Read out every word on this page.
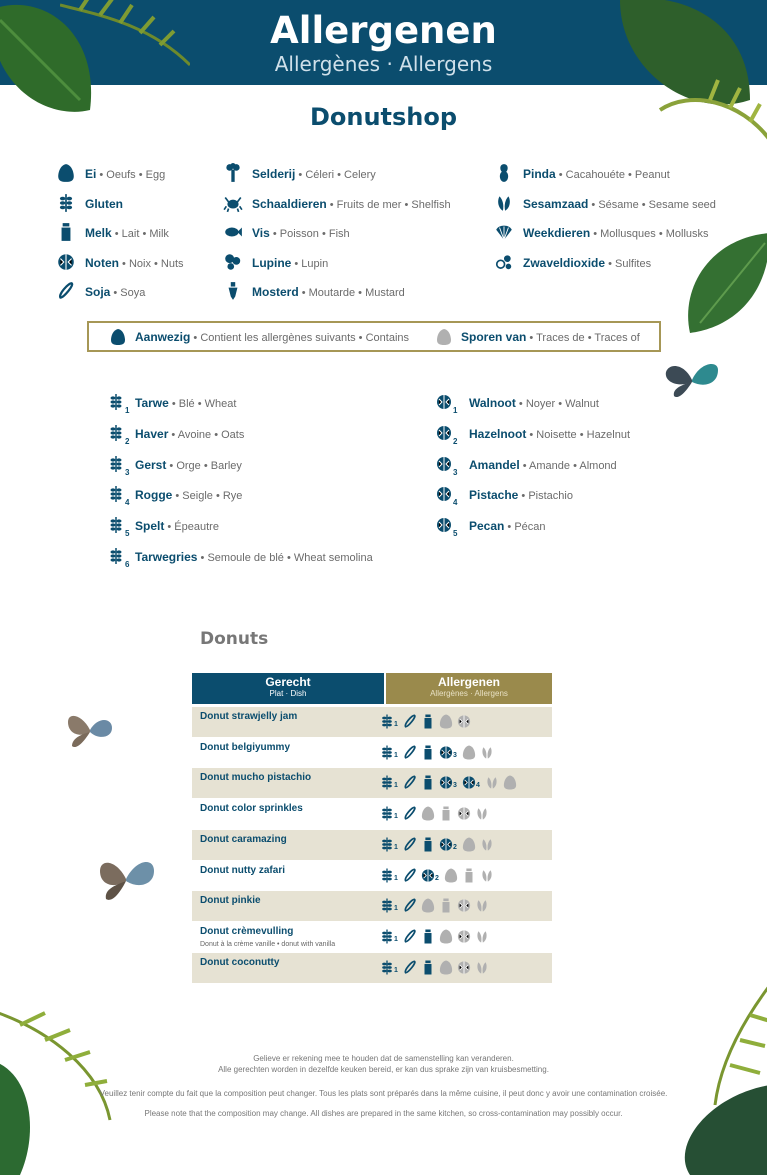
Allergenen
Allergènes · Allergens
Donutshop
Ei • Oeufs • Egg
Gluten
Melk • Lait • Milk
Noten • Noix • Nuts
Soja • Soya
Selderij • Céleri • Celery
Schaaldieren • Fruits de mer • Shelfish
Vis • Poisson • Fish
Lupine • Lupin
Mosterd • Moutarde • Mustard
Pinda • Cacahouéte • Peanut
Sesamzaad • Sésame • Sesame seed
Weekdieren • Mollusques • Mollusks
Zwaveldioxide • Sulfites
Aanwezig • Contient les allergènes suivants • Contains	Sporen van • Traces de • Traces of
1
Tarwe • Blé • Wheat
2
Haver • Avoine • Oats
3
Gerst • Orge • Barley
4
Rogge • Seigle • Rye
5
Spelt • Épeautre
6
Tarwegries • Semoule de blé • Wheat semolina
1
Walnoot • Noyer • Walnut
2
Hazelnoot • Noisette • Hazelnut
3
Amandel • Amande • Almond
4
Pistache • Pistachio
5
Pecan • Pécan
Donuts
Gerecht
Plat · Dish
Allergenen
Allergènes · Allergens
Donut strawjelly jam
1
Donut belgiyummy
1	3
Donut mucho pistachio
1	3	4
Donut color sprinkles
1
Donut caramazing
1	2
Donut nutty zafari
1	2
Donut pinkie
1
Donut crèmevulling
Donut à la crème vanille • donut with vanilla
1
Donut coconutty
1
Gelieve er rekening mee te houden dat de samenstelling kan veranderen.
Alle gerechten worden in dezelfde keuken bereid, er kan dus sprake zijn van kruisbesmetting.
Veuillez tenir compte du fait que la composition peut changer. Tous les plats sont préparés dans la même cuisine, il peut donc y avoir une contamination croisée.
Please note that the composition may change. All dishes are prepared in the same kitchen, so cross-contamination may possibly occur.
